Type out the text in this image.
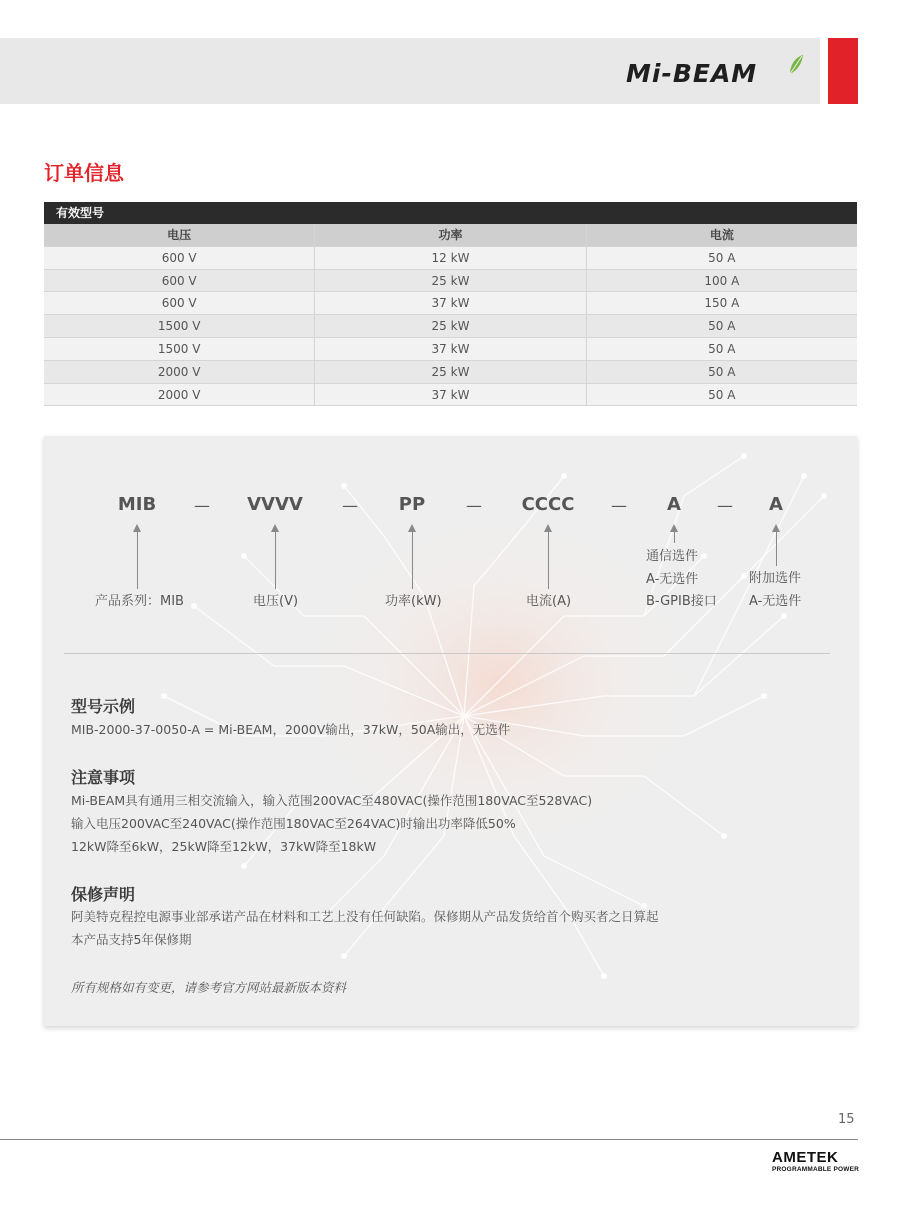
Mi-BEAM
订单信息
有效型号
电压	功率	电流
600 V	12 kW	50 A
600 V	25 kW	100 A
600 V	37 kW	150 A
1500 V	25 kW	50 A
1500 V	37 kW	50 A
2000 V	25 kW	50 A
2000 V	37 kW	50 A
MIB — VVVV — PP	— CCCC — A — A
产品系列：MIB	电压(V)	功率(kW)	电流(A)
通信选件
A-无选件
B-GPIB接口
附加选件
A-无选件
型号示例
MIB-2000-37-0050-A = Mi-BEAM，2000V输出，37kW，50A输出，无选件
注意事项
Mi-BEAM具有通用三相交流输入，输入范围200VAC至480VAC(操作范围180VAC至528VAC)
输入电压200VAC至240VAC(操作范围180VAC至264VAC)时输出功率降低50%
12kW降至6kW，25kW降至12kW，37kW降至18kW
保修声明
阿美特克程控电源事业部承诺产品在材料和工艺上没有任何缺陷。保修期从产品发货给首个购买者之日算起
本产品支持5年保修期
所有规格如有变更，请参考官方网站最新版本资料
15
AMETEK
PROGRAMMABLE POWER
